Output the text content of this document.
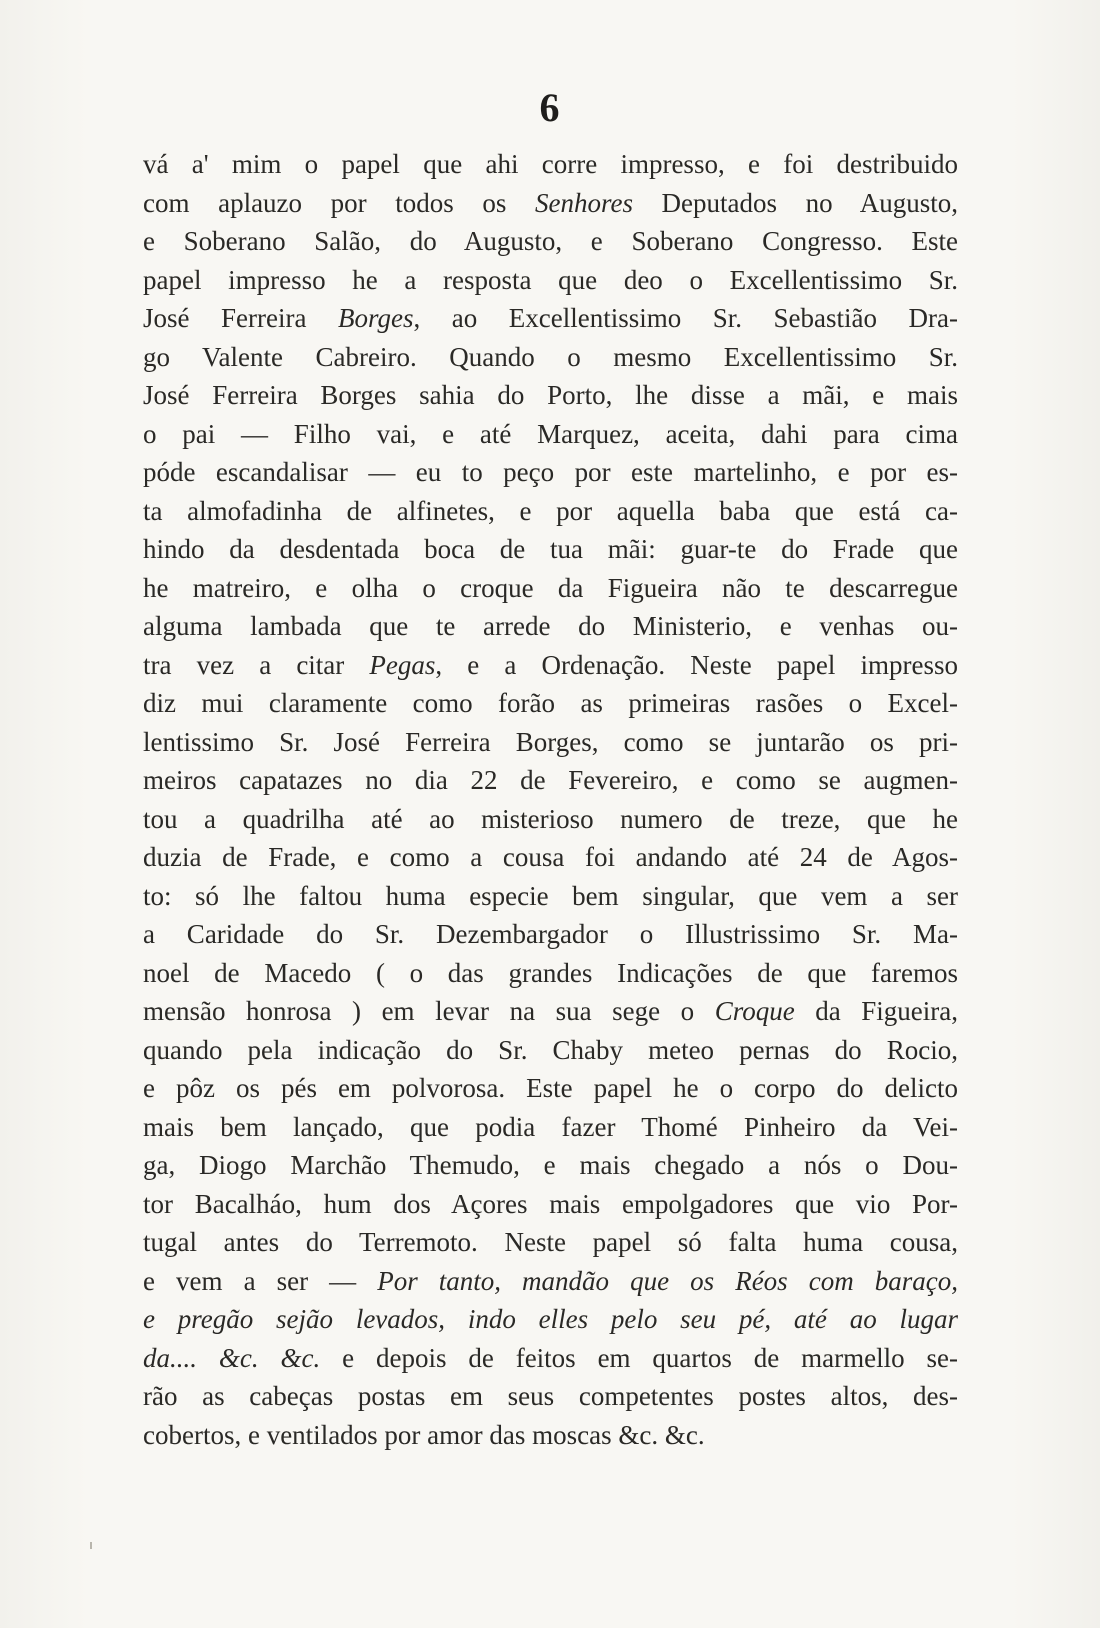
6
vá a' mim o papel que ahi corre impresso, e foi destribuido
com aplauzo por todos os Senhores Deputados no Augusto,
e Soberano Salão, do Augusto, e Soberano Congresso. Este
papel impresso he a resposta que deo o Excellentissimo Sr.
José Ferreira Borges, ao Excellentissimo Sr. Sebastião Dra-
go Valente Cabreiro. Quando o mesmo Excellentissimo Sr.
José Ferreira Borges sahia do Porto, lhe disse a mãi, e mais
o pai — Filho vai, e até Marquez, aceita, dahi para cima
póde escandalisar — eu to peço por este martelinho, e por es-
ta almofadinha de alfinetes, e por aquella baba que está ca-
hindo da desdentada boca de tua mãi: guar-te do Frade que
he matreiro, e olha o croque da Figueira não te descarregue
alguma lambada que te arrede do Ministerio, e venhas ou-
tra vez a citar Pegas, e a Ordenação. Neste papel impresso
diz mui claramente como forão as primeiras rasões o Excel-
lentissimo Sr. José Ferreira Borges, como se juntarão os pri-
meiros capatazes no dia 22 de Fevereiro, e como se augmen-
tou a quadrilha até ao misterioso numero de treze, que he
duzia de Frade, e como a cousa foi andando até 24 de Agos-
to: só lhe faltou huma especie bem singular, que vem a ser
a Caridade do Sr. Dezembargador o Illustrissimo Sr. Ma-
noel de Macedo ( o das grandes Indicações de que faremos
mensão honrosa ) em levar na sua sege o Croque da Figueira,
quando pela indicação do Sr. Chaby meteo pernas do Rocio,
e pôz os pés em polvorosa. Este papel he o corpo do delicto
mais bem lançado, que podia fazer Thomé Pinheiro da Vei-
ga, Diogo Marchão Themudo, e mais chegado a nós o Dou-
tor Bacalháo, hum dos Açores mais empolgadores que vio Por-
tugal antes do Terremoto. Neste papel só falta huma cousa,
e vem a ser — Por tanto, mandão que os Réos com baraço,
e pregão sejão levados, indo elles pelo seu pé, até ao lugar
da.... &c. &c. e depois de feitos em quartos de marmello se-
rão as cabeças postas em seus competentes postes altos, des-
cobertos, e ventilados por amor das moscas &c. &c.
